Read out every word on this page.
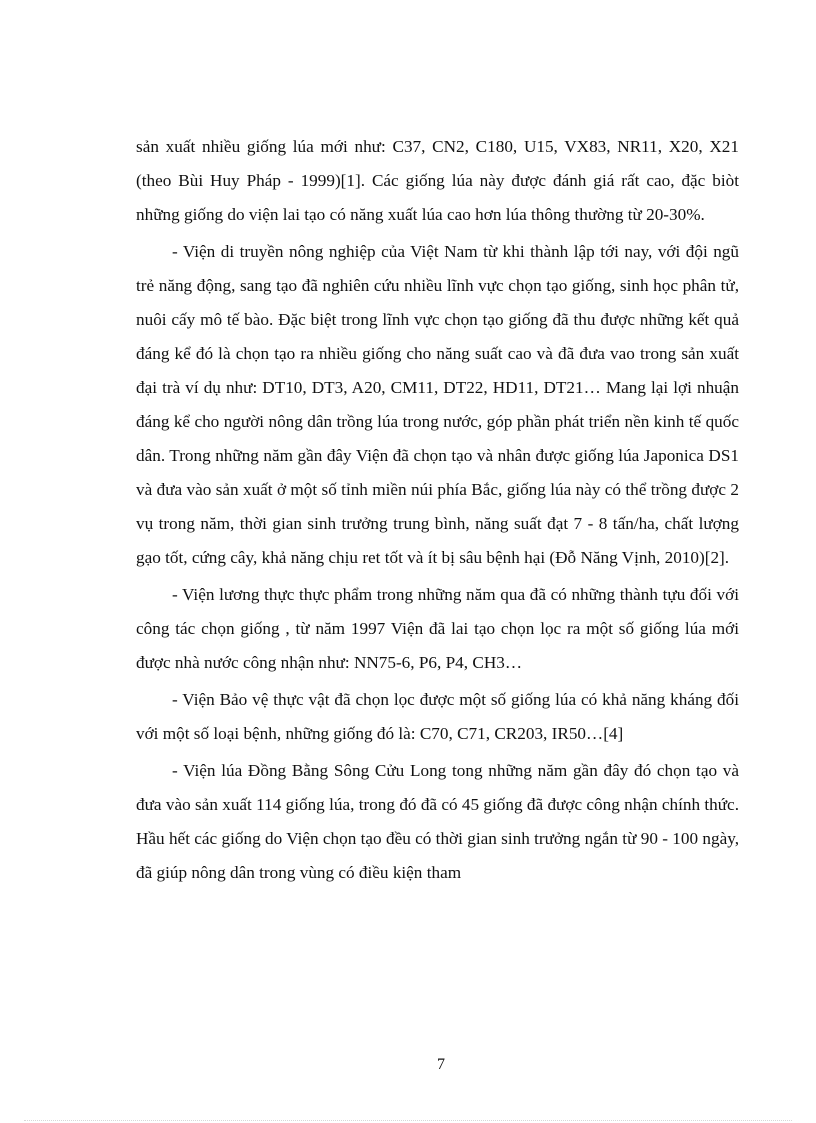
sản xuất nhiều giống lúa mới như: C37, CN2, C180, U15, VX83, NR11, X20, X21 (theo Bùi Huy Pháp - 1999)[1]. Các giống lúa này được đánh giá rất cao, đặc biòt những giống do viện lai tạo có năng xuất lúa cao hơn lúa thông thường từ 20-30%.

- Viện di truyền nông nghiệp của Việt Nam từ khi thành lập tới nay, với đội ngũ trẻ năng động, sang tạo đã nghiên cứu nhiều lĩnh vực chọn tạo giống, sinh học phân tử, nuôi cấy mô tế bào. Đặc biệt trong lĩnh vực chọn tạo giống đã thu được những kết quả đáng kể đó là chọn tạo ra nhiều giống cho năng suất cao và đã đưa vao trong sản xuất đại trà ví dụ như: DT10, DT3, A20, CM11, DT22, HD11, DT21… Mang lại lợi nhuận đáng kể cho người nông dân trồng lúa trong nước, góp phần phát triển nền kinh tế quốc dân. Trong những năm gần đây Viện đã chọn tạo và nhân được giống lúa Japonica DS1 và đưa vào sản xuất ở một số tỉnh miền núi phía Bắc, giống lúa này có thể trồng được 2 vụ trong năm, thời gian sinh trưởng trung bình, năng suất đạt 7 - 8 tấn/ha, chất lượng gạo tốt, cứng cây, khả năng chịu ret tốt và ít bị sâu bệnh hại (Đỗ Năng Vịnh, 2010)[2].

- Viện lương thực thực phẩm trong những năm qua đã có những thành tựu đối với công tác chọn giống , từ năm 1997 Viện đã lai tạo chọn lọc ra một số giống lúa mới được nhà nước công nhận như: NN75-6, P6, P4, CH3…

- Viện Bảo vệ thực vật đã chọn lọc được một số giống lúa có khả năng kháng đối với một số loại bệnh, những giống đó là: C70, C71, CR203, IR50…[4]

- Viện lúa Đồng Bằng Sông Cửu Long tong những năm gần đây đó chọn tạo và đưa vào sản xuất 114 giống lúa, trong đó đã có 45 giống đã được công nhận chính thức. Hầu hết các giống do Viện chọn tạo đều có thời gian sinh trưởng ngắn từ 90 - 100 ngày, đã giúp nông dân trong vùng có điều kiện tham

7
